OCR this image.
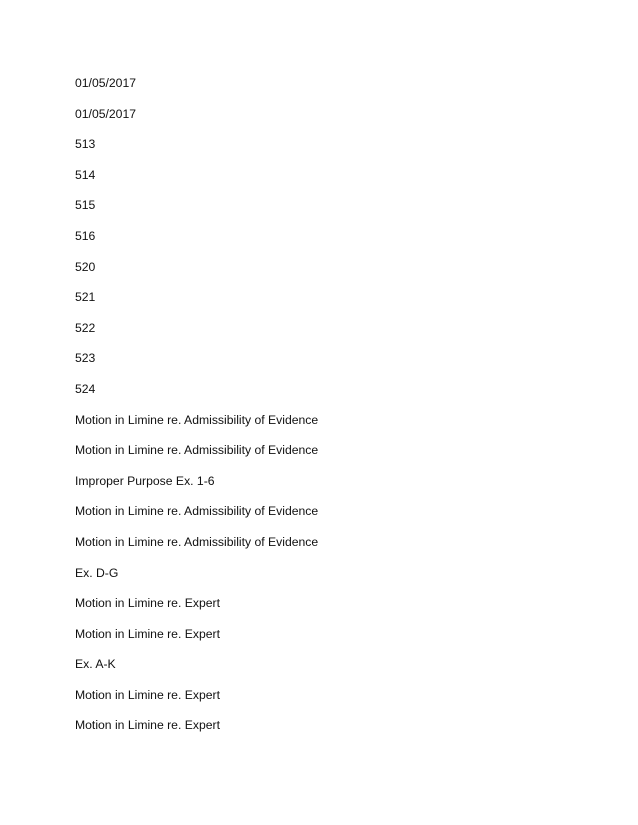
01/05/2017
01/05/2017
513
514
515
516
520
521
522
523
524
Motion in Limine re. Admissibility of Evidence
Motion in Limine re. Admissibility of Evidence
Improper Purpose Ex. 1-6
Motion in Limine re. Admissibility of Evidence
Motion in Limine re. Admissibility of Evidence
Ex. D-G
Motion in Limine re. Expert
Motion in Limine re. Expert
Ex. A-K
Motion in Limine re. Expert
Motion in Limine re. Expert
